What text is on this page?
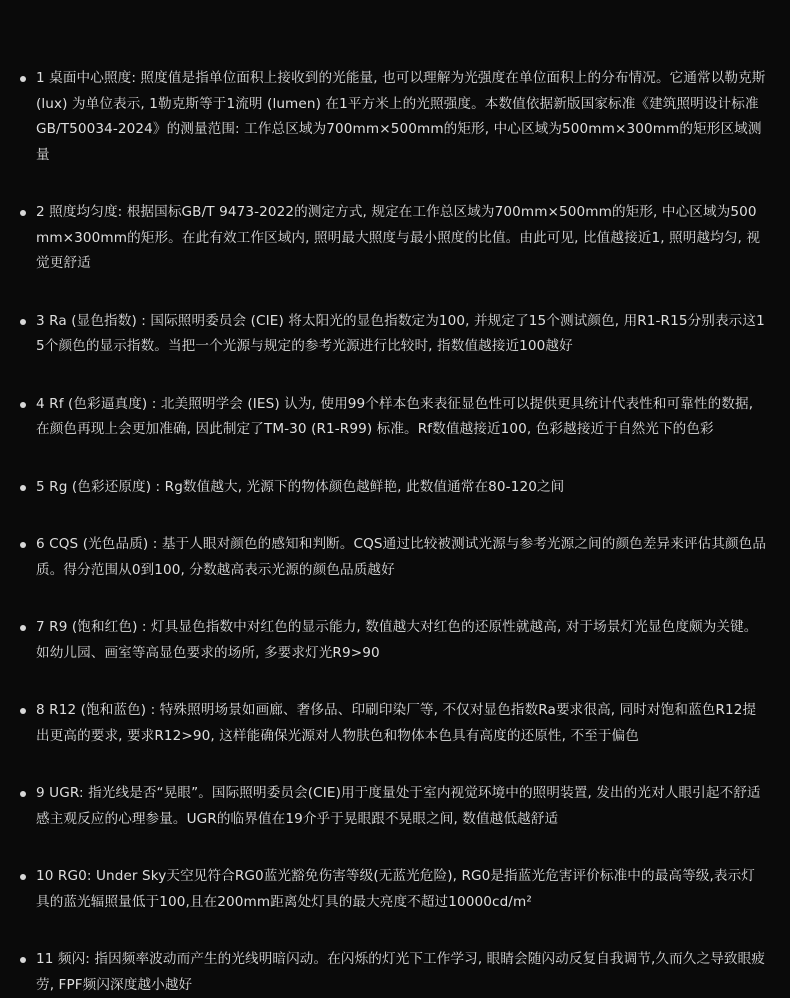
1 桌面中心照度: 照度值是指单位面积上接收到的光能量, 也可以理解为光强度在单位面积上的分布情况。它通常以勒克斯 (lux) 为单位表示, 1勒克斯等于1流明 (lumen) 在1平方米上的光照强度。本数值依据新版国家标准《建筑照明设计标准GB/T50034-2024》的测量范围: 工作总区域为700mm×500mm的矩形, 中心区域为500mm×300mm的矩形区域测量
2 照度均匀度: 根据国标GB/T 9473-2022的测定方式, 规定在工作总区域为700mm×500mm的矩形, 中心区域为500mm×300mm的矩形。在此有效工作区域内, 照明最大照度与最小照度的比值。由此可见, 比值越接近1, 照明越均匀, 视觉更舒适
3 Ra (显色指数) : 国际照明委员会 (CIE) 将太阳光的显色指数定为100, 并规定了15个测试颜色, 用R1-R15分别表示这15个颜色的显示指数。当把一个光源与规定的参考光源进行比较时, 指数值越接近100越好
4 Rf (色彩逼真度) : 北美照明学会 (IES) 认为, 使用99个样本色来表征显色性可以提供更具统计代表性和可靠性的数据, 在颜色再现上会更加准确, 因此制定了TM-30 (R1-R99) 标准。Rf数值越接近100, 色彩越接近于自然光下的色彩
5 Rg (色彩还原度) : Rg数值越大, 光源下的物体颜色越鲜艳, 此数值通常在80-120之间
6 CQS (光色品质) : 基于人眼对颜色的感知和判断。CQS通过比较被测试光源与参考光源之间的颜色差异来评估其颜色品质。得分范围从0到100, 分数越高表示光源的颜色品质越好
7 R9 (饱和红色) : 灯具显色指数中对红色的显示能力, 数值越大对红色的还原性就越高, 对于场景灯光显色度颇为关键。如幼儿园、画室等高显色要求的场所, 多要求灯光R9>90
8 R12 (饱和蓝色) : 特殊照明场景如画廊、奢侈品、印刷印染厂等, 不仅对显色指数Ra要求很高, 同时对饱和蓝色R12提出更高的要求, 要求R12>90, 这样能确保光源对人物肤色和物体本色具有高度的还原性, 不至于偏色
9 UGR: 指光线是否“晃眼”。国际照明委员会(CIE)用于度量处于室内视觉环境中的照明装置, 发出的光对人眼引起不舒适感主观反应的心理参量。UGR的临界值在19介乎于晃眼跟不晃眼之间, 数值越低越舒适
10 RG0: Under Sky天空见符合RG0蓝光豁免伤害等级(无蓝光危险), RG0是指蓝光危害评价标准中的最高等级,表示灯具的蓝光辐照量低于100,且在200mm距离处灯具的最大亮度不超过10000cd/m²
11 频闪: 指因频率波动而产生的光线明暗闪动。在闪烁的灯光下工作学习, 眼睛会随闪动反复自我调节,久而久之导致眼疲劳, FPF频闪深度越小越好
